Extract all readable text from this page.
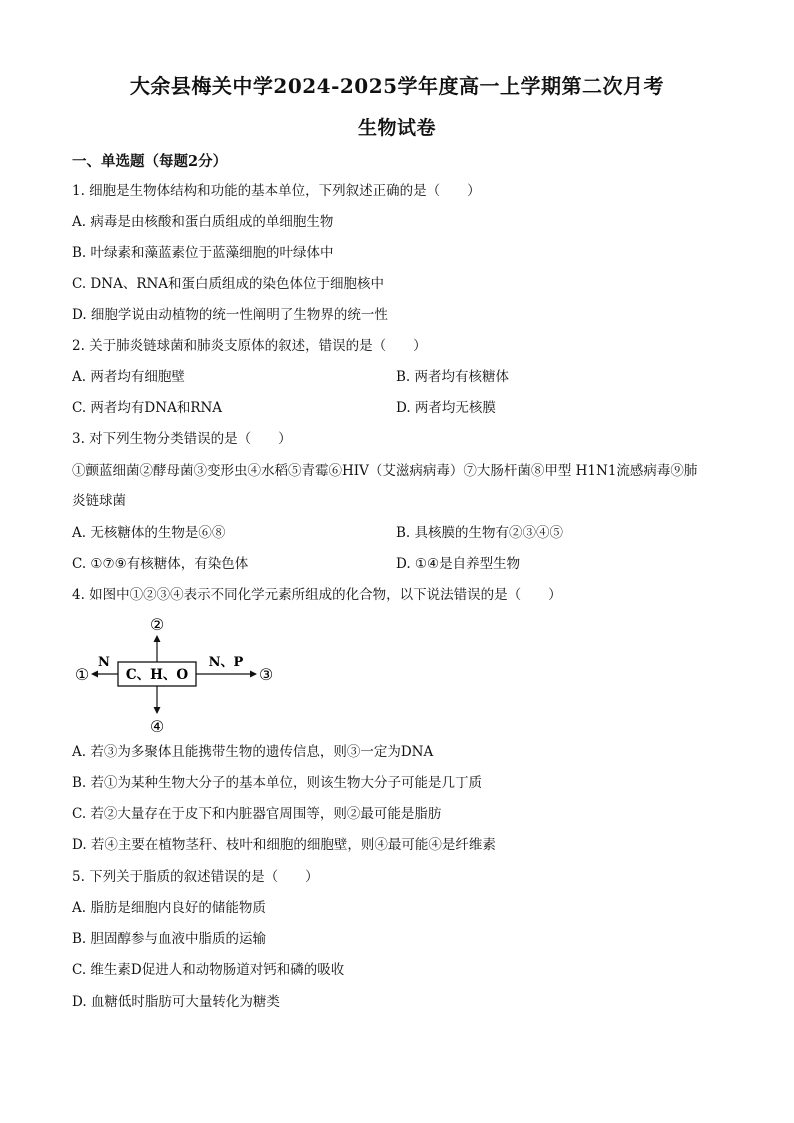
大余县梅关中学2024-2025学年度高一上学期第二次月考
生物试卷
一、单选题（每题2分）
1. 细胞是生物体结构和功能的基本单位，下列叙述正确的是（　　）
A. 病毒是由核酸和蛋白质组成的单细胞生物
B. 叶绿素和藻蓝素位于蓝藻细胞的叶绿体中
C. DNA、RNA和蛋白质组成的染色体位于细胞核中
D. 细胞学说由动植物的统一性阐明了生物界的统一性
2. 关于肺炎链球菌和肺炎支原体的叙述，错误的是（　　）
A. 两者均有细胞壁	B. 两者均有核糖体
C. 两者均有DNA和RNA	D. 两者均无核膜
3. 对下列生物分类错误的是（　　）
①颤蓝细菌②酵母菌③变形虫④水稻⑤青霉⑥HIV（艾滋病病毒）⑦大肠杆菌⑧甲型 H1N1流感病毒⑨肺
炎链球菌
A. 无核糖体的生物是⑥⑧	B. 具核膜的生物有②③④⑤
C. ①⑦⑨有核糖体，有染色体	D. ①④是自养型生物
4. 如图中①②③④表示不同化学元素所组成的化合物，以下说法错误的是（　　）
C、H、O
N	N、P
①
②
③
④
A. 若③为多聚体且能携带生物的遗传信息，则③一定为DNA
B. 若①为某种生物大分子的基本单位，则该生物大分子可能是几丁质
C. 若②大量存在于皮下和内脏器官周围等，则②最可能是脂肪
D. 若④主要在植物茎秆、枝叶和细胞的细胞壁，则④最可能④是纤维素
5. 下列关于脂质的叙述错误的是（　　）
A. 脂肪是细胞内良好的储能物质
B. 胆固醇参与血液中脂质的运输
C. 维生素D促进人和动物肠道对钙和磷的吸收
D. 血糖低时脂肪可大量转化为糖类
